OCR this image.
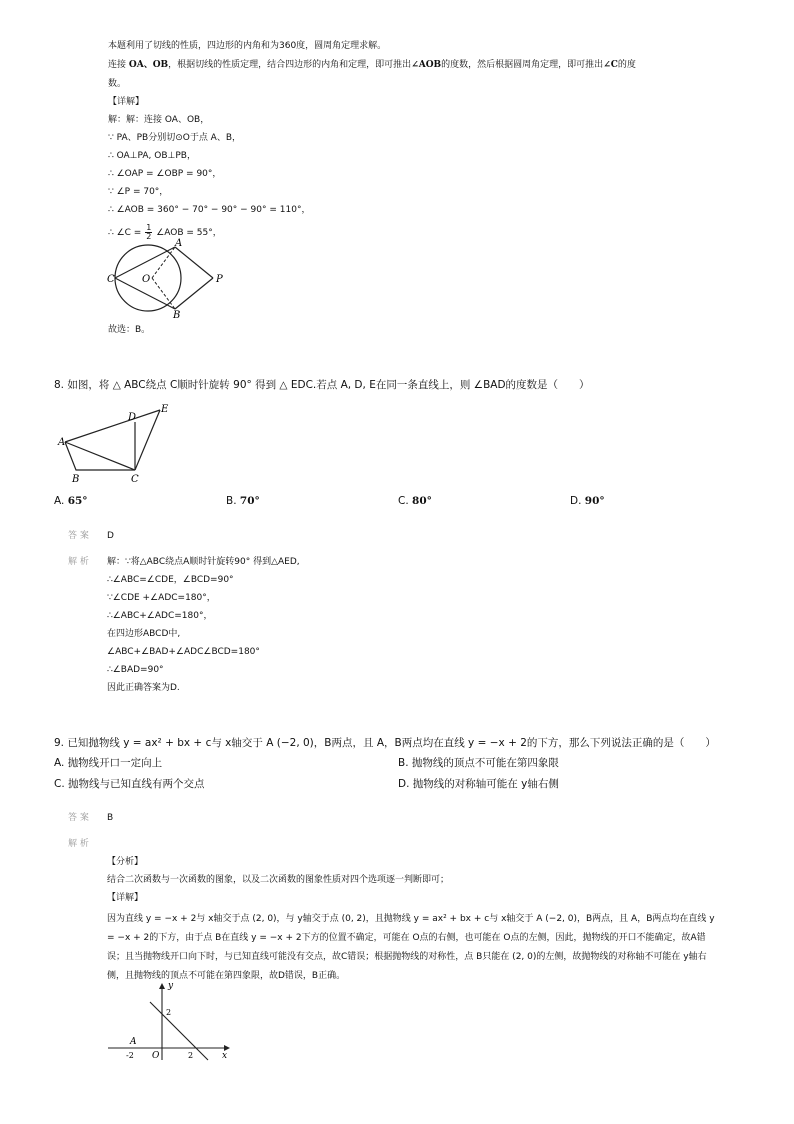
本题利用了切线的性质，四边形的内角和为360度，圆周角定理求解。
连接 OA、OB，根据切线的性质定理，结合四边形的内角和定理，即可推出∠AOB的度数，然后根据圆周角定理，即可推出∠C的度
数。
【详解】
解：解：连接 OA、OB，
∵ PA、PB分别切⊙O于点 A、B，
∴ OA⊥PA, OB⊥PB，
∴ ∠OAP = ∠OBP = 90°，
∵ ∠P = 70°，
∴ ∠AOB = 360° − 70° − 90° − 90° = 110°，
∴ ∠C = $\frac{1}{2}$ ∠AOB = 55°，
A
B
C	O	P
故选：B。
8. 如图，将 △ ABC绕点 C顺时针旋转 90° 得到 △ EDC.若点 A, D, E在同一条直线上，则 ∠BAD的度数是（　　）
A
B	C
D
E
A. 65°	B. 70°	C. 80°	D. 90°
答 案 D
解 析 解：∵将△ABC绕点A顺时针旋转90° 得到△AED,
∴∠ABC=∠CDE，∠BCD=90°
∵∠CDE +∠ADC=180°，
∴∠ABC+∠ADC=180°，
在四边形ABCD中,
∠ABC+∠BAD+∠ADC∠BCD=180°
∴∠BAD=90°
因此正确答案为D.
9. 已知抛物线 y = ax² + bx + c与 x轴交于 A (−2, 0)，B两点，且 A，B两点均在直线 y = −x + 2的下方，那么下列说法正确的是（　　）
A. 抛物线开口一定向上	B. 抛物线的顶点不可能在第四象限
C. 抛物线与已知直线有两个交点	D. 抛物线的对称轴可能在 y轴右侧
答 案 B
解 析
【分析】
结合二次函数与一次函数的图象，以及二次函数的图象性质对四个选项逐一判断即可；
【详解】
因为直线 y = −x + 2与 x轴交于点 (2, 0)，与 y轴交于点 (0, 2)，且抛物线 y = ax² + bx + c与 x轴交于 A (−2, 0)，B两点，且 A，B两点均在直线 y = −x + 2的下方，由于点 B在直线 y = −x + 2下方的位置不确定，可能在 O点的右侧，也可能在 O点的左侧，因此，抛物线的开口不能确定，故A错误；且当抛物线开口向下时，与已知直线可能没有交点，故C错误；根据抛物线的对称性，点 B只能在 (2, 0)的左侧，故抛物线的对称轴不可能在 y轴右侧，且抛物线的顶点不可能在第四象限，故D错误，B正确。
y
x
O
2
2
A
-2
